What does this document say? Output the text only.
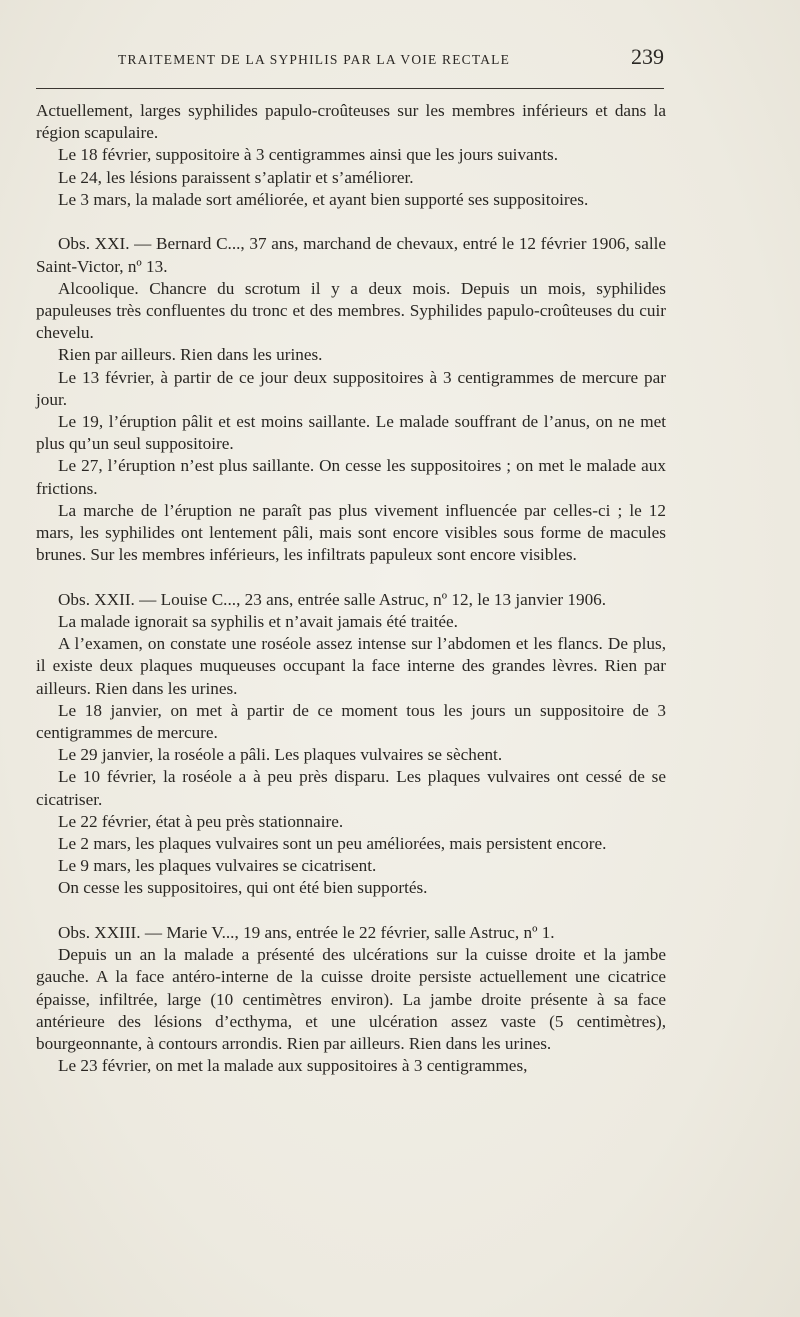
TRAITEMENT DE LA SYPHILIS PAR LA VOIE RECTALE	239

Actuellement, larges syphilides papulo-croûteuses sur les membres inférieurs et dans la région scapulaire.

Le 18 février, suppositoire à 3 centigrammes ainsi que les jours suivants.

Le 24, les lésions paraissent s’aplatir et s’améliorer.

Le 3 mars, la malade sort améliorée, et ayant bien supporté ses suppositoires.

Obs. XXI. — Bernard C..., 37 ans, marchand de chevaux, entré le 12 février 1906, salle Saint-Victor, nº 13.

Alcoolique. Chancre du scrotum il y a deux mois. Depuis un mois, syphilides papuleuses très confluentes du tronc et des membres. Syphilides papulo-croûteuses du cuir chevelu.

Rien par ailleurs. Rien dans les urines.

Le 13 février, à partir de ce jour deux suppositoires à 3 centigrammes de mercure par jour.

Le 19, l’éruption pâlit et est moins saillante. Le malade souffrant de l’anus, on ne met plus qu’un seul suppositoire.

Le 27, l’éruption n’est plus saillante. On cesse les suppositoires ; on met le malade aux frictions.

La marche de l’éruption ne paraît pas plus vivement influencée par celles-ci ; le 12 mars, les syphilides ont lentement pâli, mais sont encore visibles sous forme de macules brunes. Sur les membres inférieurs, les infiltrats papuleux sont encore visibles.

Obs. XXII. — Louise C..., 23 ans, entrée salle Astruc, nº 12, le 13 janvier 1906.

La malade ignorait sa syphilis et n’avait jamais été traitée.

A l’examen, on constate une roséole assez intense sur l’abdomen et les flancs. De plus, il existe deux plaques muqueuses occupant la face interne des grandes lèvres. Rien par ailleurs. Rien dans les urines.

Le 18 janvier, on met à partir de ce moment tous les jours un suppositoire de 3 centigrammes de mercure.

Le 29 janvier, la roséole a pâli. Les plaques vulvaires se sèchent.

Le 10 février, la roséole a à peu près disparu. Les plaques vulvaires ont cessé de se cicatriser.

Le 22 février, état à peu près stationnaire.

Le 2 mars, les plaques vulvaires sont un peu améliorées, mais persistent encore.

Le 9 mars, les plaques vulvaires se cicatrisent.

On cesse les suppositoires, qui ont été bien supportés.

Obs. XXIII. — Marie V..., 19 ans, entrée le 22 février, salle Astruc, nº 1.

Depuis un an la malade a présenté des ulcérations sur la cuisse droite et la jambe gauche. A la face antéro-interne de la cuisse droite persiste actuellement une cicatrice épaisse, infiltrée, large (10 centimètres environ). La jambe droite présente à sa face antérieure des lésions d’ecthyma, et une ulcération assez vaste (5 centimètres), bourgeonnante, à contours arrondis. Rien par ailleurs. Rien dans les urines.

Le 23 février, on met la malade aux suppositoires à 3 centigrammes,
